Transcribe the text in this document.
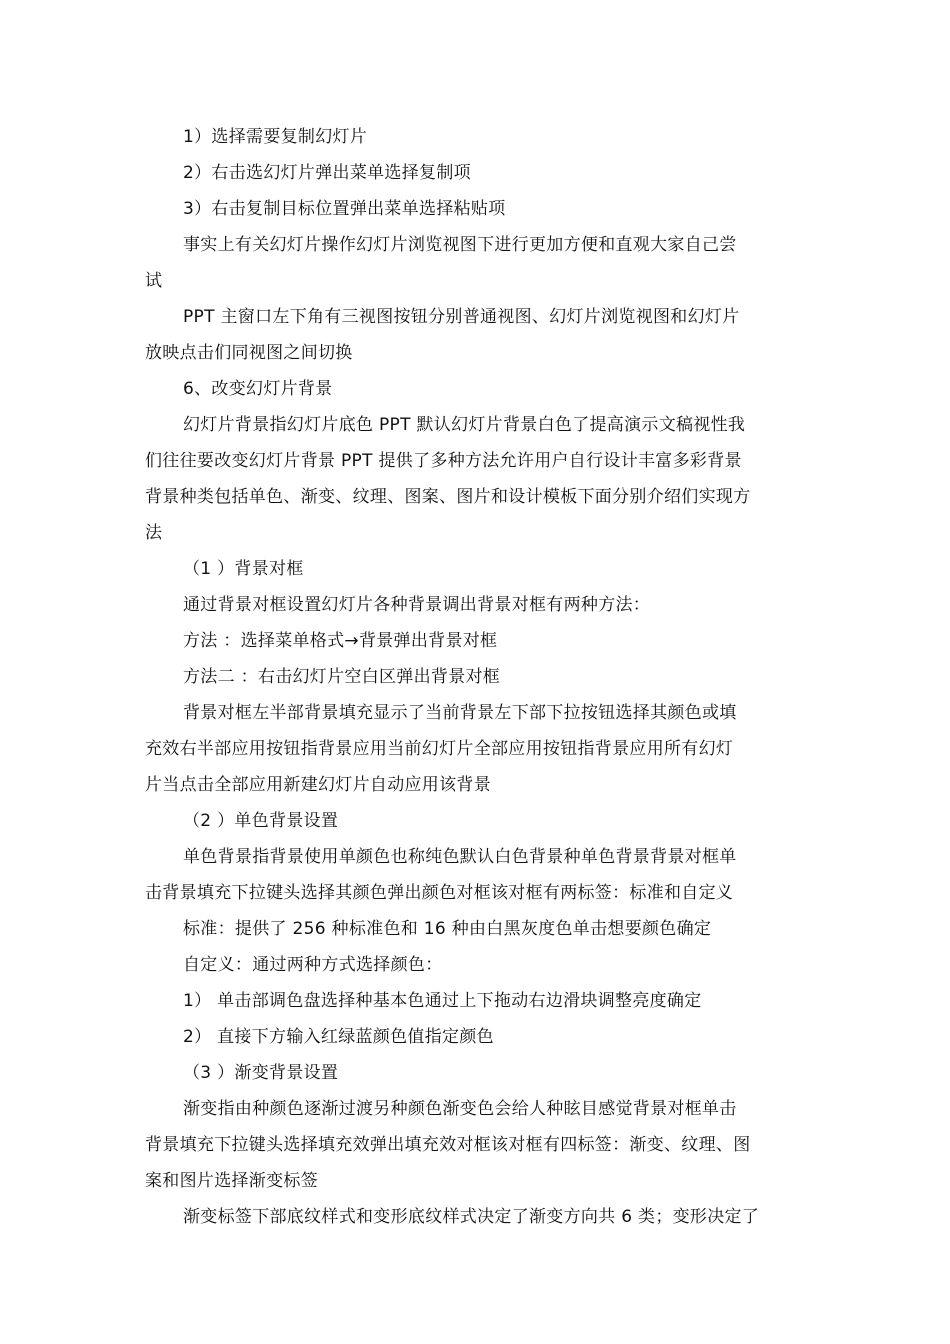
1）选择需要复制幻灯片
2）右击选幻灯片弹出菜单选择复制项
3）右击复制目标位置弹出菜单选择粘贴项
事实上有关幻灯片操作幻灯片浏览视图下进行更加方便和直观大家自己尝
试
PPT 主窗口左下角有三视图按钮分别普通视图、幻灯片浏览视图和幻灯片
放映点击们同视图之间切换
6、改变幻灯片背景
幻灯片背景指幻灯片底色 PPT 默认幻灯片背景白色了提高演示文稿视性我
们往往要改变幻灯片背景 PPT 提供了多种方法允许用户自行设计丰富多彩背景
背景种类包括单色、渐变、纹理、图案、图片和设计模板下面分别介绍们实现方
法
（1 ）背景对框
通过背景对框设置幻灯片各种背景调出背景对框有两种方法：
方法 ：选择菜单格式→背景弹出背景对框
方法二 ：右击幻灯片空白区弹出背景对框
背景对框左半部背景填充显示了当前背景左下部下拉按钮选择其颜色或填
充效右半部应用按钮指背景应用当前幻灯片全部应用按钮指背景应用所有幻灯
片当点击全部应用新建幻灯片自动应用该背景
（2 ）单色背景设置
单色背景指背景使用单颜色也称纯色默认白色背景种单色背景背景对框单
击背景填充下拉键头选择其颜色弹出颜色对框该对框有两标签：标准和自定义
标准：提供了 256 种标准色和 16 种由白黑灰度色单击想要颜色确定
自定义：通过两种方式选择颜色：
1） 单击部调色盘选择种基本色通过上下拖动右边滑块调整亮度确定
2） 直接下方输入红绿蓝颜色值指定颜色
（3 ）渐变背景设置
渐变指由种颜色逐渐过渡另种颜色渐变色会给人种眩目感觉背景对框单击
背景填充下拉键头选择填充效弹出填充效对框该对框有四标签：渐变、纹理、图
案和图片选择渐变标签
渐变标签下部底纹样式和变形底纹样式决定了渐变方向共 6 类；变形决定了
